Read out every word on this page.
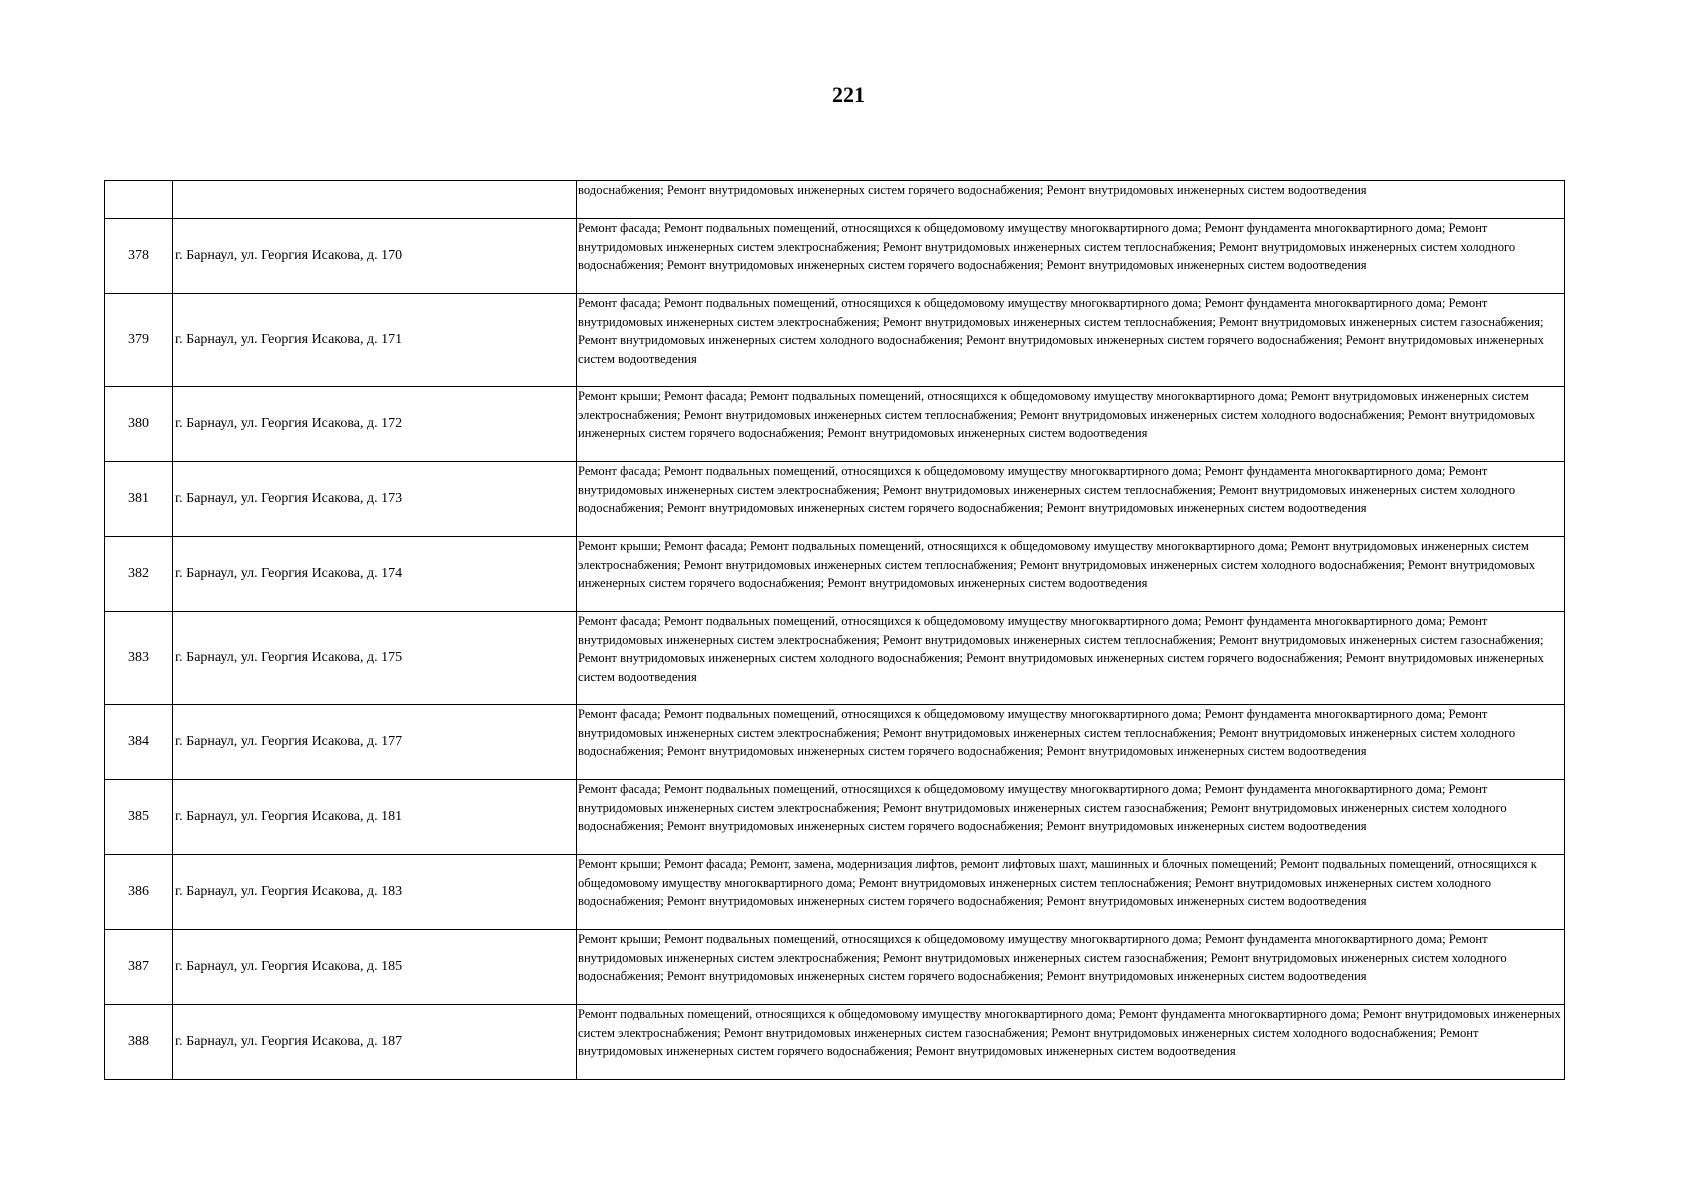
221
		водоснабжения; Ремонт внутридомовых инженерных систем горячего водоснабжения; Ремонт внутридомовых инженерных систем водоотведения
378	г. Барнаул, ул. Георгия Исакова, д. 170	Ремонт фасада; Ремонт подвальных помещений, относящихся к общедомовому имуществу многоквартирного дома; Ремонт фундамента многоквартирного дома; Ремонт внутридомовых инженерных систем электроснабжения; Ремонт внутридомовых инженерных систем теплоснабжения; Ремонт внутридомовых инженерных систем холодного водоснабжения; Ремонт внутридомовых инженерных систем горячего водоснабжения; Ремонт внутридомовых инженерных систем водоотведения
379	г. Барнаул, ул. Георгия Исакова, д. 171	Ремонт фасада; Ремонт подвальных помещений, относящихся к общедомовому имуществу многоквартирного дома; Ремонт фундамента многоквартирного дома; Ремонт внутридомовых инженерных систем электроснабжения; Ремонт внутридомовых инженерных систем теплоснабжения; Ремонт внутридомовых инженерных систем газоснабжения; Ремонт внутридомовых инженерных систем холодного водоснабжения; Ремонт внутридомовых инженерных систем горячего водоснабжения; Ремонт внутридомовых инженерных систем водоотведения
380	г. Барнаул, ул. Георгия Исакова, д. 172	Ремонт крыши; Ремонт фасада; Ремонт подвальных помещений, относящихся к общедомовому имуществу многоквартирного дома; Ремонт внутридомовых инженерных систем электроснабжения; Ремонт внутридомовых инженерных систем теплоснабжения; Ремонт внутридомовых инженерных систем холодного водоснабжения; Ремонт внутридомовых инженерных систем горячего водоснабжения; Ремонт внутридомовых инженерных систем водоотведения
381	г. Барнаул, ул. Георгия Исакова, д. 173	Ремонт фасада; Ремонт подвальных помещений, относящихся к общедомовому имуществу многоквартирного дома; Ремонт фундамента многоквартирного дома; Ремонт внутридомовых инженерных систем электроснабжения; Ремонт внутридомовых инженерных систем теплоснабжения; Ремонт внутридомовых инженерных систем холодного водоснабжения; Ремонт внутридомовых инженерных систем горячего водоснабжения; Ремонт внутридомовых инженерных систем водоотведения
382	г. Барнаул, ул. Георгия Исакова, д. 174	Ремонт крыши; Ремонт фасада; Ремонт подвальных помещений, относящихся к общедомовому имуществу многоквартирного дома; Ремонт внутридомовых инженерных систем электроснабжения; Ремонт внутридомовых инженерных систем теплоснабжения; Ремонт внутридомовых инженерных систем холодного водоснабжения; Ремонт внутридомовых инженерных систем горячего водоснабжения; Ремонт внутридомовых инженерных систем водоотведения
383	г. Барнаул, ул. Георгия Исакова, д. 175	Ремонт фасада; Ремонт подвальных помещений, относящихся к общедомовому имуществу многоквартирного дома; Ремонт фундамента многоквартирного дома; Ремонт внутридомовых инженерных систем электроснабжения; Ремонт внутридомовых инженерных систем теплоснабжения; Ремонт внутридомовых инженерных систем газоснабжения; Ремонт внутридомовых инженерных систем холодного водоснабжения; Ремонт внутридомовых инженерных систем горячего водоснабжения; Ремонт внутридомовых инженерных систем водоотведения
384	г. Барнаул, ул. Георгия Исакова, д. 177	Ремонт фасада; Ремонт подвальных помещений, относящихся к общедомовому имуществу многоквартирного дома; Ремонт фундамента многоквартирного дома; Ремонт внутридомовых инженерных систем электроснабжения; Ремонт внутридомовых инженерных систем теплоснабжения; Ремонт внутридомовых инженерных систем холодного водоснабжения; Ремонт внутридомовых инженерных систем горячего водоснабжения; Ремонт внутридомовых инженерных систем водоотведения
385	г. Барнаул, ул. Георгия Исакова, д. 181	Ремонт фасада; Ремонт подвальных помещений, относящихся к общедомовому имуществу многоквартирного дома; Ремонт фундамента многоквартирного дома; Ремонт внутридомовых инженерных систем электроснабжения; Ремонт внутридомовых инженерных систем газоснабжения; Ремонт внутридомовых инженерных систем холодного водоснабжения; Ремонт внутридомовых инженерных систем горячего водоснабжения; Ремонт внутридомовых инженерных систем водоотведения
386	г. Барнаул, ул. Георгия Исакова, д. 183	Ремонт крыши; Ремонт фасада; Ремонт, замена, модернизация лифтов, ремонт лифтовых шахт, машинных и блочных помещений; Ремонт подвальных помещений, относящихся к общедомовому имуществу многоквартирного дома; Ремонт внутридомовых инженерных систем теплоснабжения; Ремонт внутридомовых инженерных систем холодного водоснабжения; Ремонт внутридомовых инженерных систем горячего водоснабжения; Ремонт внутридомовых инженерных систем водоотведения
387	г. Барнаул, ул. Георгия Исакова, д. 185	Ремонт крыши; Ремонт подвальных помещений, относящихся к общедомовому имуществу многоквартирного дома; Ремонт фундамента многоквартирного дома; Ремонт внутридомовых инженерных систем электроснабжения; Ремонт внутридомовых инженерных систем газоснабжения; Ремонт внутридомовых инженерных систем холодного водоснабжения; Ремонт внутридомовых инженерных систем горячего водоснабжения; Ремонт внутридомовых инженерных систем водоотведения
388	г. Барнаул, ул. Георгия Исакова, д. 187	Ремонт подвальных помещений, относящихся к общедомовому имуществу многоквартирного дома; Ремонт фундамента многоквартирного дома; Ремонт внутридомовых инженерных систем электроснабжения; Ремонт внутридомовых инженерных систем газоснабжения; Ремонт внутридомовых инженерных систем холодного водоснабжения; Ремонт внутридомовых инженерных систем горячего водоснабжения; Ремонт внутридомовых инженерных систем водоотведения
